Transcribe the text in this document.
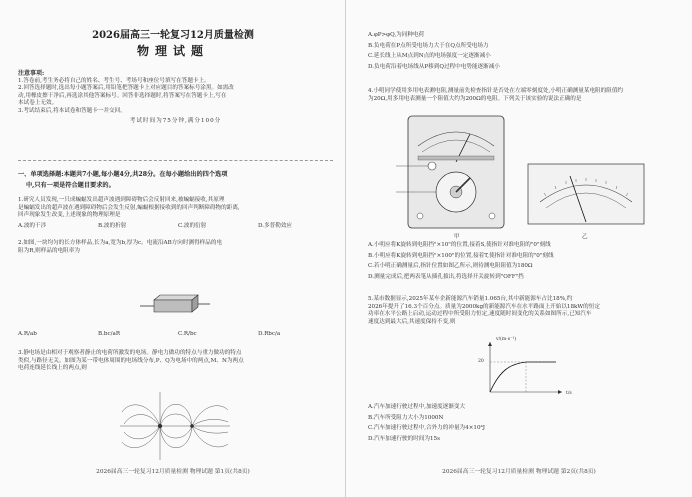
2026届高三一轮复习12月质量检测
物理试题
注意事项:
1.答卷前,考生务必将自己的姓名、考生号、考场号和座位号填写在答题卡上。
2.回答选择题时,选出每小题答案后,用铅笔把答题卡上对应题目的答案标号涂黑。如需改
动,用橡皮擦干净后,再选涂其他答案标号。回答非选择题时,将答案写在答题卡上,写在
本试卷上无效。
3.考试结束后,将本试卷和答题卡一并交回。
考试时间为75分钟,满分100分
一、单项选择题:本题共7小题,每小题4分,共28分。在每小题给出的四个选项
中,只有一项是符合题目要求的。
1.研究人员发现,一只成蝙蝠发出超声波遇到障碍物后会反射回来,被蝙蝠接收,其原理
是蝙蝠发出的超声波在遇到障碍物后会发生反射,蝙蝠根据接收到的回声判断障碍物的距离,
回声现象发生改变,上述现象的物理原理是
A.波的干涉	B.波的折射	C.波的衍射	D.多普勒效应
2.如图,一块均匀的长方体样品,长为a,宽为b,厚为c。电流沿AB方向时测得样品的电
阻为R,则样品的电阻率为
A.R/ab	B.bc/aR	C.R/bc	D.Rbc/a
3.静电场是由相对于观察者静止的电荷所激发的电场。静电力做功的特点与重力做功的特点
类似,与路径无关。如图为某一带电体周围的电场线分布,P、Q为电场中的两点,M、N为两点
电荷连线延长线上的两点,则
2026届高三一轮复习12月质量检测 物理试题 第1页(共8页)
A.φP>φQ,为同种电荷
B.负电荷在P点所受电场力大于在Q点所受电场力
C.延长线上从M点到N点的电场强度一定逐渐减小
D.负电荷沿着电场线从P移到Q过程中电势能逐渐减小
4.小明同学使用多用电表测电阻,测量前先检查指针是否处在左端零刻度处,小明正确测量某电阻的阻值约
为20Ω,用多用电表测量一个阻值大约为200Ω的电阻。下列关于该实验的说法正确的是
甲	乙
A.小明应将K旋转到电阻挡"×10"的位置,接着S,使指针对准电阻的"0"刻线
B.小明应将K旋转到电阻挡"×100"的位置,接着T,使指针对准电阻的"0"刻线
C.若小明正确测量后,指针位置如图乙所示,则待测电阻阻值为180Ω
D.测量完成后,把两表笔从插孔拔出,将选择开关旋转到"OFF"挡
5.某市数据显示,2025年某车企新能源汽车销量1.065台,其中新能源车占比18%,约
2026年提升了16.3个百分点。质量为2000kg的新能源汽车在水平路面上开始以18kW的恒定
功率在水平公路上启动,运动过程中所受阻力恒定,速度随时间变化的关系如图所示,已知汽车
速度达到最大后,其速度保持不变,则
v/(m·s⁻¹)
t/s
20
A.汽车加速行驶过程中,加速度逐渐变大
B.汽车所受阻力大小为1000N
C.汽车加速行驶过程中,合外力的冲量为4×10⁴J
D.汽车加速行驶的时间为15s
2026届高三一轮复习12月质量检测 物理试题 第2页(共8页)
